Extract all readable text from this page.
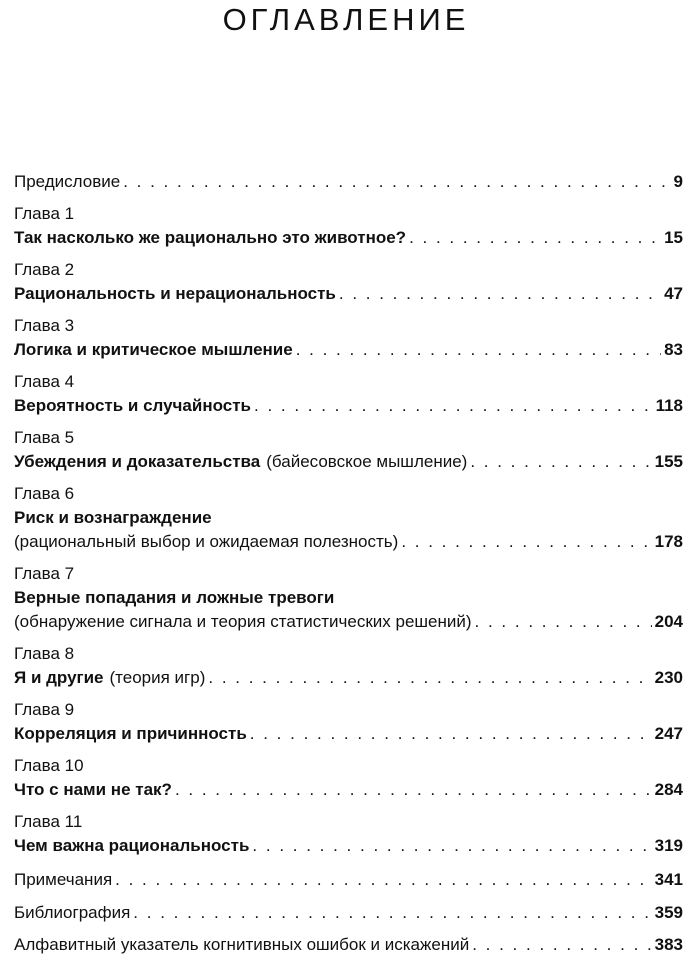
ОГЛАВЛЕНИЕ
Предисловие . . .	9
Глава 1
Так насколько же рационально это животное? . . .	15
Глава 2
Рациональность и нерациональность . . .	47
Глава 3
Логика и критическое мышление . . .	83
Глава 4
Вероятность и случайность . . .	118
Глава 5
Убеждения и доказательства (байесовское мышление) . . .	155
Глава 6
Риск и вознаграждение
(рациональный выбор и ожидаемая полезность) . . .	178
Глава 7
Верные попадания и ложные тревоги
(обнаружение сигнала и теория статистических решений) . . .	204
Глава 8
Я и другие (теория игр) . . .	230
Глава 9
Корреляция и причинность . . .	247
Глава 10
Что с нами не так? . . .	284
Глава 11
Чем важна рациональность . . .	319
Примечания . . .	341
Библиография . . .	359
Алфавитный указатель когнитивных ошибок и искажений . . .	383
